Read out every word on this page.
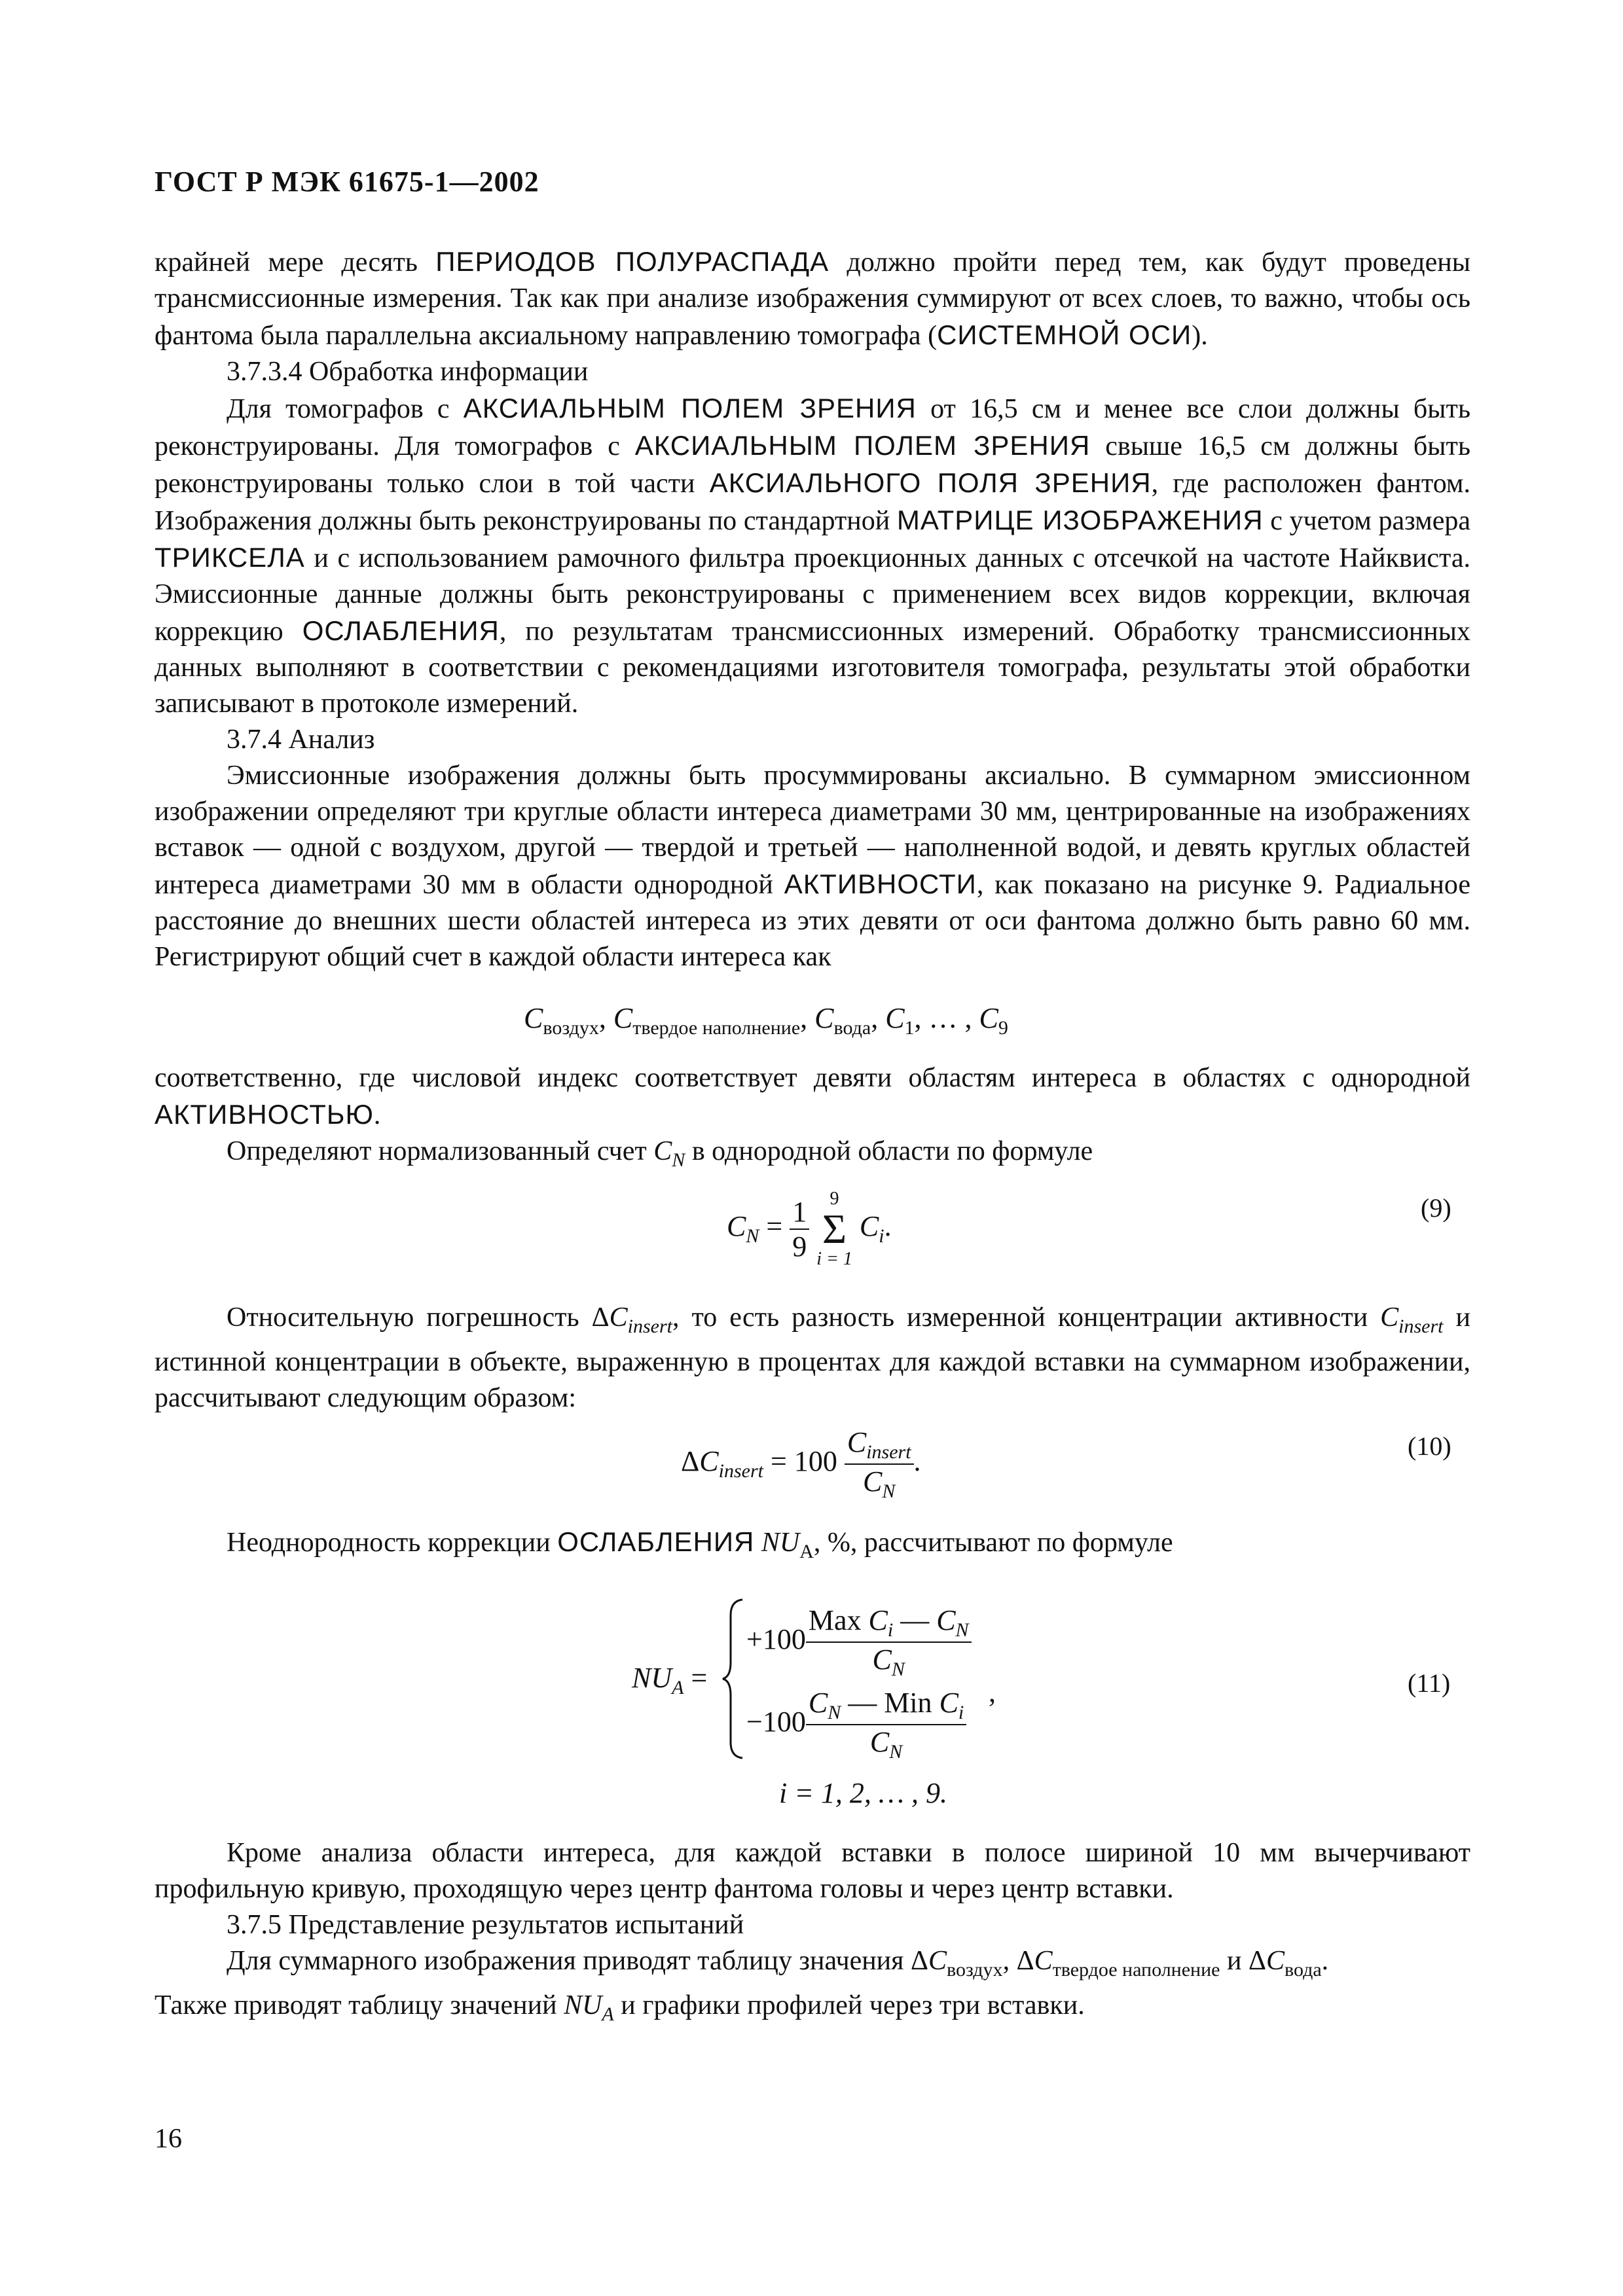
ГОСТ Р МЭК 61675-1—2002

крайней мере десять ПЕРИОДОВ ПОЛУРАСПАДА должно пройти перед тем, как будут проведены трансмиссионные измерения. Так как при анализе изображения суммируют от всех слоев, то важно, чтобы ось фантома была параллельна аксиальному направлению томографа (СИСТЕМНОЙ ОСИ).

3.7.3.4 Обработка информации

Для томографов с АКСИАЛЬНЫМ ПОЛЕМ ЗРЕНИЯ от 16,5 см и менее все слои должны быть реконструированы. Для томографов с АКСИАЛЬНЫМ ПОЛЕМ ЗРЕНИЯ свыше 16,5 см должны быть реконструированы только слои в той части АКСИАЛЬНОГО ПОЛЯ ЗРЕНИЯ, где расположен фантом. Изображения должны быть реконструированы по стандартной МАТРИЦЕ ИЗОБРАЖЕНИЯ с учетом размера ТРИКСЕЛА и с использованием рамочного фильтра проекционных данных с отсечкой на частоте Найквиста. Эмиссионные данные должны быть реконструированы с применением всех видов коррекции, включая коррекцию ОСЛАБЛЕНИЯ, по результатам трансмиссионных измерений. Обработку трансмиссионных данных выполняют в соответствии с рекомендациями изготовителя томографа, результаты этой обработки записывают в протоколе измерений.

3.7.4 Анализ

Эмиссионные изображения должны быть просуммированы аксиально. В суммарном эмиссионном изображении определяют три круглые области интереса диаметрами 30 мм, центрированные на изображениях вставок — одной с воздухом, другой — твердой и третьей — наполненной водой, и девять круглых областей интереса диаметрами 30 мм в области однородной АКТИВНОСТИ, как показано на рисунке 9. Радиальное расстояние до внешних шести областей интереса из этих девяти от оси фантома должно быть равно 60 мм. Регистрируют общий счет в каждой области интереса как

$C_{воздух}$, $C_{твердое наполнение}$, $C_{вода}$, $C_1$, … , $C_9$

соответственно, где числовой индекс соответствует девяти областям интереса в областях с однородной АКТИВНОСТЬЮ.

Определяют нормализованный счет $C_N$ в однородной области по формуле

$C_N = \frac{1}{9}$
	9
Σ
i = 1
$C_i$.
(9)

Относительную погрешность $\Delta C_{insert}$, то есть разность измеренной концентрации активности $C_{insert}$ и истинной концентрации в объекте, выраженную в процентах для каждой вставки на суммарном изображении, рассчитывают следующим образом:

$\Delta C_{insert} = 100 \frac{C_{insert}}{C_N}$ .	(10)

Неоднородность коррекции ОСЛАБЛЕНИЯ $NU_A$, %, рассчитывают по формуле

$NU_A$ =
$+100 \frac{Max C_i — C_N}{C_N}$
$-100 \frac{C_N — Min C_i}{C_N}$ ,	(11)
i = 1, 2, … , 9.

Кроме анализа области интереса, для каждой вставки в полосе шириной 10 мм вычерчивают профильную кривую, проходящую через центр фантома головы и через центр вставки.

3.7.5 Представление результатов испытаний

Для суммарного изображения приводят таблицу значения $\Delta C_{воздух}$, $\Delta C_{твердое наполнение}$ и $\Delta C_{вода}$.

Также приводят таблицу значений $NU_A$ и графики профилей через три вставки.

16
